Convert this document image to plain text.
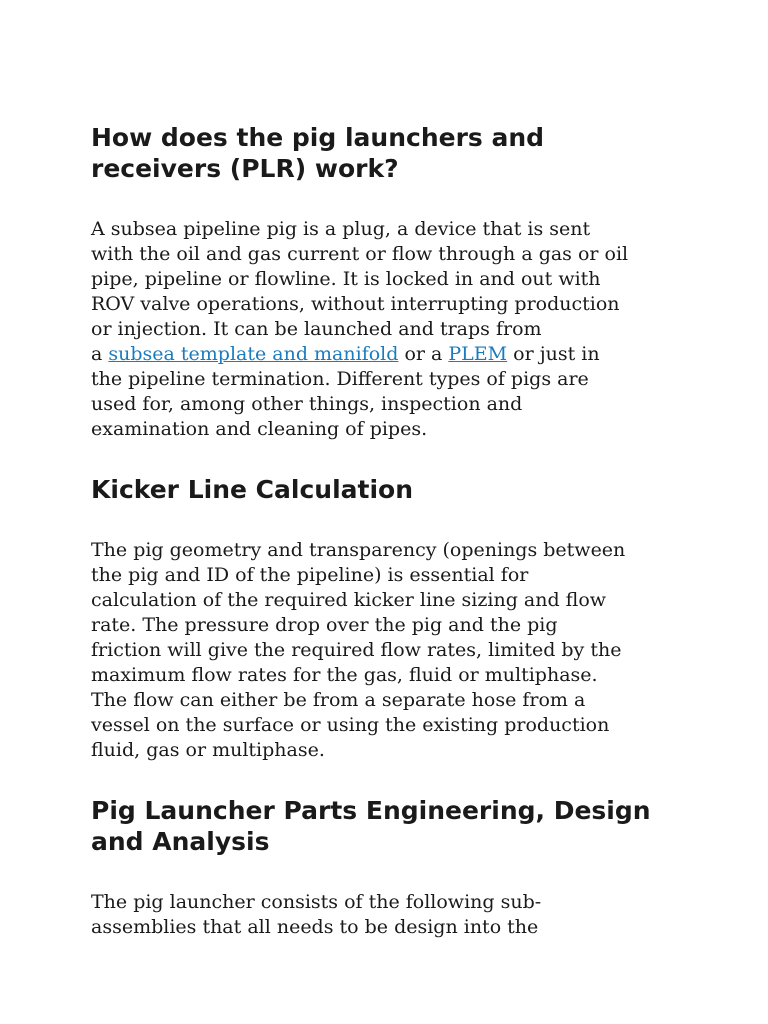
How does the pig launchers and
receivers (PLR) work?

A subsea pipeline pig is a plug, a device that is sent
with the oil and gas current or flow through a gas or oil
pipe, pipeline or flowline. It is locked in and out with
ROV valve operations, without interrupting production
or injection. It can be launched and traps from
a subsea template and manifold or a PLEM or just in
the pipeline termination. Different types of pigs are
used for, among other things, inspection and
examination and cleaning of pipes.

Kicker Line Calculation

The pig geometry and transparency (openings between
the pig and ID of the pipeline) is essential for
calculation of the required kicker line sizing and flow
rate. The pressure drop over the pig and the pig
friction will give the required flow rates, limited by the
maximum flow rates for the gas, fluid or multiphase.
The flow can either be from a separate hose from a
vessel on the surface or using the existing production
fluid, gas or multiphase.

Pig Launcher Parts Engineering, Design
and Analysis

The pig launcher consists of the following sub-
assemblies that all needs to be design into the
